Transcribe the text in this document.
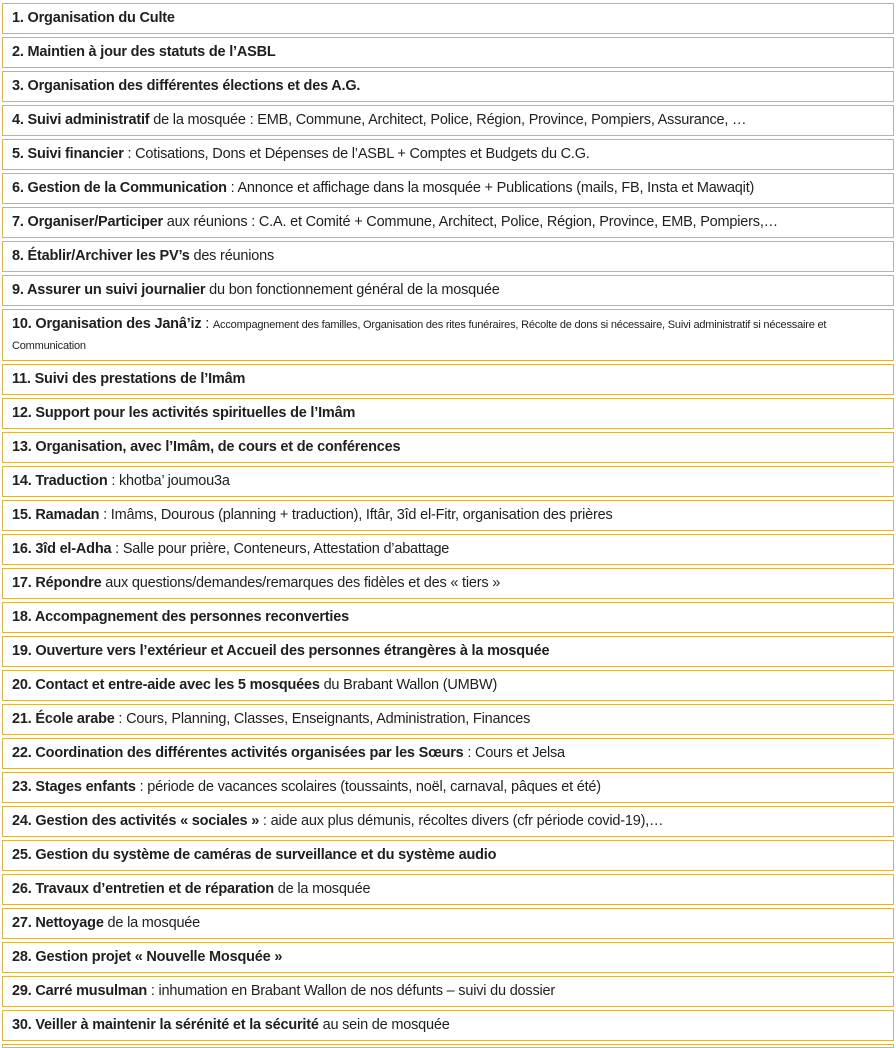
1. Organisation du Culte
2. Maintien à jour des statuts de l’ASBL
3. Organisation des différentes élections et des A.G.
4. Suivi administratif de la mosquée : EMB, Commune, Architect, Police, Région, Province, Pompiers, Assurance, …
5. Suivi financier : Cotisations, Dons et Dépenses de l’ASBL + Comptes et Budgets du C.G.
6. Gestion de la Communication : Annonce et affichage dans la mosquée + Publications (mails, FB, Insta et Mawaqit)
7. Organiser/Participer aux réunions : C.A. et Comité + Commune, Architect, Police, Région, Province, EMB, Pompiers,…
8. Établir/Archiver les PV’s des réunions
9. Assurer un suivi journalier du bon fonctionnement général de la mosquée
10. Organisation des Janâ’iz : Accompagnement des familles, Organisation des rites funéraires, Récolte de dons si nécessaire, Suivi administratif si nécessaire et Communication
11. Suivi des prestations de l’Imâm
12. Support pour les activités spirituelles de l’Imâm
13. Organisation, avec l’Imâm, de cours et de conférences
14. Traduction : khotba’ joumou3a
15. Ramadan : Imâms, Dourous (planning + traduction), Iftâr, 3îd el-Fitr, organisation des prières
16. 3îd el-Adha : Salle pour prière, Conteneurs, Attestation d’abattage
17. Répondre aux questions/demandes/remarques des fidèles et des « tiers »
18. Accompagnement des personnes reconverties
19. Ouverture vers l’extérieur et Accueil des personnes étrangères à la mosquée
20. Contact et entre-aide avec les 5 mosquées du Brabant Wallon (UMBW)
21. École arabe : Cours, Planning, Classes, Enseignants, Administration, Finances
22. Coordination des différentes activités organisées par les Sœurs : Cours et Jelsa
23. Stages enfants : période de vacances scolaires (toussaints, noël, carnaval, pâques et été)
24. Gestion des activités « sociales » : aide aux plus démunis, récoltes divers (cfr période covid-19),…
25. Gestion du système de caméras de surveillance et du système audio
26. Travaux d’entretien et de réparation de la mosquée
27. Nettoyage de la mosquée
28. Gestion projet « Nouvelle Mosquée »
29. Carré musulman : inhumation en Brabant Wallon de nos défunts – suivi du dossier
30. Veiller à maintenir la sérénité et la sécurité au sein de mosquée
